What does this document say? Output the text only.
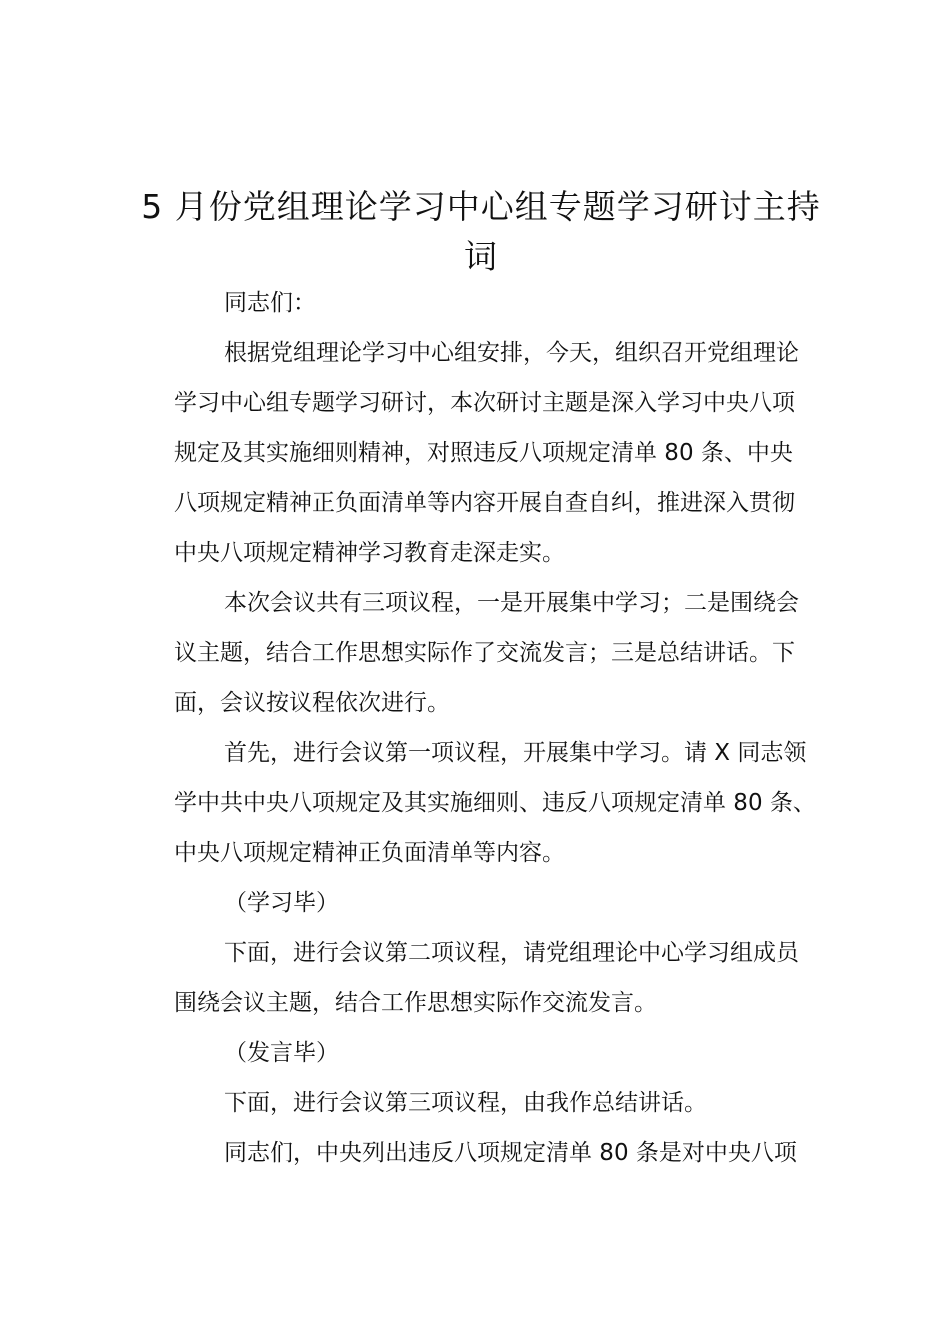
5 月份党组理论学习中心组专题学习研讨主持
词
同志们：
根据党组理论学习中心组安排，今天，组织召开党组理论
学习中心组专题学习研讨，本次研讨主题是深入学习中央八项
规定及其实施细则精神，对照违反八项规定清单 80 条、中央
八项规定精神正负面清单等内容开展自查自纠，推进深入贯彻
中央八项规定精神学习教育走深走实。
本次会议共有三项议程，一是开展集中学习；二是围绕会
议主题，结合工作思想实际作了交流发言；三是总结讲话。下
面，会议按议程依次进行。
首先，进行会议第一项议程，开展集中学习。请 X 同志领
学中共中央八项规定及其实施细则、违反八项规定清单 80 条、
中央八项规定精神正负面清单等内容。
（学习毕）
下面，进行会议第二项议程，请党组理论中心学习组成员
围绕会议主题，结合工作思想实际作交流发言。
（发言毕）
下面，进行会议第三项议程，由我作总结讲话。
同志们，中央列出违反八项规定清单 80 条是对中央八项
